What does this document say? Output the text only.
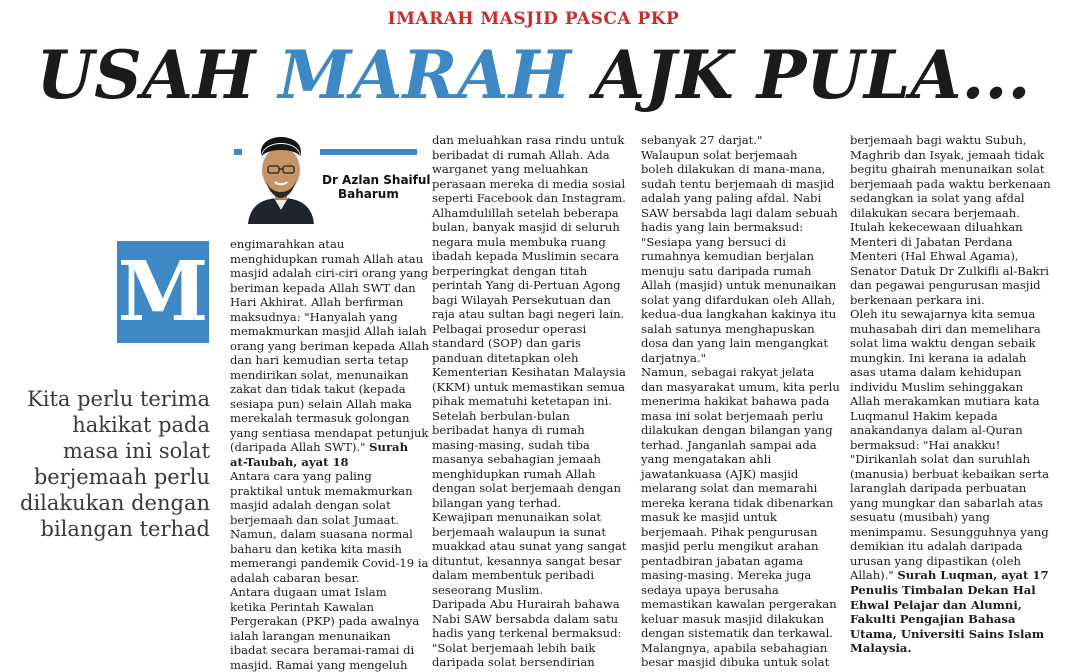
IMARAH MASJID PASCA PKP
USAH MARAH AJK PULA...
Dr Azlan Shaiful
Baharum
M
Kita perlu terima hakikat pada masa ini solat berjemaah perlu dilakukan dengan bilangan terhad
engimarahkan atau
menghidupkan rumah Allah atau
masjid adalah ciri-ciri orang yang
beriman kepada Allah SWT dan
Hari Akhirat. Allah berfirman
maksudnya: "Hanyalah yang
memakmurkan masjid Allah ialah
orang yang beriman kepada Allah
dan hari kemudian serta tetap
mendirikan solat, menunaikan
zakat dan tidak takut (kepada
sesiapa pun) selain Allah maka
merekalah termasuk golongan
yang sentiasa mendapat petunjuk
(daripada Allah SWT)." Surah
at-Taubah, ayat 18
Antara cara yang paling
praktikal untuk memakmurkan
masjid adalah dengan solat
berjemaah dan solat Jumaat.
Namun, dalam suasana normal
baharu dan ketika kita masih
memerangi pandemik Covid-19 ia
adalah cabaran besar.
Antara dugaan umat Islam
ketika Perintah Kawalan
Pergerakan (PKP) pada awalnya
ialah larangan menunaikan
ibadat secara beramai-ramai di
masjid. Ramai yang mengeluh
dan meluahkan rasa rindu untuk
beribadat di rumah Allah. Ada
warganet yang meluahkan
perasaan mereka di media sosial
seperti Facebook dan Instagram.
Alhamdulillah setelah beberapa
bulan, banyak masjid di seluruh
negara mula membuka ruang
ibadah kepada Muslimin secara
berperingkat dengan titah
perintah Yang di-Pertuan Agong
bagi Wilayah Persekutuan dan
raja atau sultan bagi negeri lain.
Pelbagai prosedur operasi
standard (SOP) dan garis
panduan ditetapkan oleh
Kementerian Kesihatan Malaysia
(KKM) untuk memastikan semua
pihak mematuhi ketetapan ini.
Setelah berbulan-bulan
beribadat hanya di rumah
masing-masing, sudah tiba
masanya sebahagian jemaah
menghidupkan rumah Allah
dengan solat berjemaah dengan
bilangan yang terhad.
Kewajipan menunaikan solat
berjemaah walaupun ia sunat
muakkad atau sunat yang sangat
dituntut, kesannya sangat besar
dalam membentuk peribadi
seseorang Muslim.
Daripada Abu Hurairah bahawa
Nabi SAW bersabda dalam satu
hadis yang terkenal bermaksud:
"Solat berjemaah lebih baik
daripada solat bersendirian
sebanyak 27 darjat."
Walaupun solat berjemaah
boleh dilakukan di mana-mana,
sudah tentu berjemaah di masjid
adalah yang paling afdal. Nabi
SAW bersabda lagi dalam sebuah
hadis yang lain bermaksud:
"Sesiapa yang bersuci di
rumahnya kemudian berjalan
menuju satu daripada rumah
Allah (masjid) untuk menunaikan
solat yang difardukan oleh Allah,
kedua-dua langkahan kakinya itu
salah satunya menghapuskan
dosa dan yang lain mengangkat
darjatnya."
Namun, sebagai rakyat jelata
dan masyarakat umum, kita perlu
menerima hakikat bahawa pada
masa ini solat berjemaah perlu
dilakukan dengan bilangan yang
terhad. Janganlah sampai ada
yang mengatakan ahli
jawatankuasa (AJK) masjid
melarang solat dan memarahi
mereka kerana tidak dibenarkan
masuk ke masjid untuk
berjemaah. Pihak pengurusan
masjid perlu mengikut arahan
pentadbiran jabatan agama
masing-masing. Mereka juga
sedaya upaya berusaha
memastikan kawalan pergerakan
keluar masuk masjid dilakukan
dengan sistematik dan terkawal.
Malangnya, apabila sebahagian
besar masjid dibuka untuk solat
berjemaah bagi waktu Subuh,
Maghrib dan Isyak, jemaah tidak
begitu ghairah menunaikan solat
berjemaah pada waktu berkenaan
sedangkan ia solat yang afdal
dilakukan secara berjemaah.
Itulah kekecewaan diluahkan
Menteri di Jabatan Perdana
Menteri (Hal Ehwal Agama),
Senator Datuk Dr Zulkifli al-Bakri
dan pegawai pengurusan masjid
berkenaan perkara ini.
Oleh itu sewajarnya kita semua
muhasabah diri dan memelihara
solat lima waktu dengan sebaik
mungkin. Ini kerana ia adalah
asas utama dalam kehidupan
individu Muslim sehinggakan
Allah merakamkan mutiara kata
Luqmanul Hakim kepada
anakandanya dalam al-Quran
bermaksud: "Hai anakku!
"Dirikanlah solat dan suruhlah
(manusia) berbuat kebaikan serta
laranglah daripada perbuatan
yang mungkar dan sabarlah atas
sesuatu (musibah) yang
menimpamu. Sesungguhnya yang
demikian itu adalah daripada
urusan yang dipastikan (oleh
Allah)." Surah Luqman, ayat 17
Penulis Timbalan Dekan Hal
Ehwal Pelajar dan Alumni,
Fakulti Pengajian Bahasa
Utama, Universiti Sains Islam
Malaysia.
